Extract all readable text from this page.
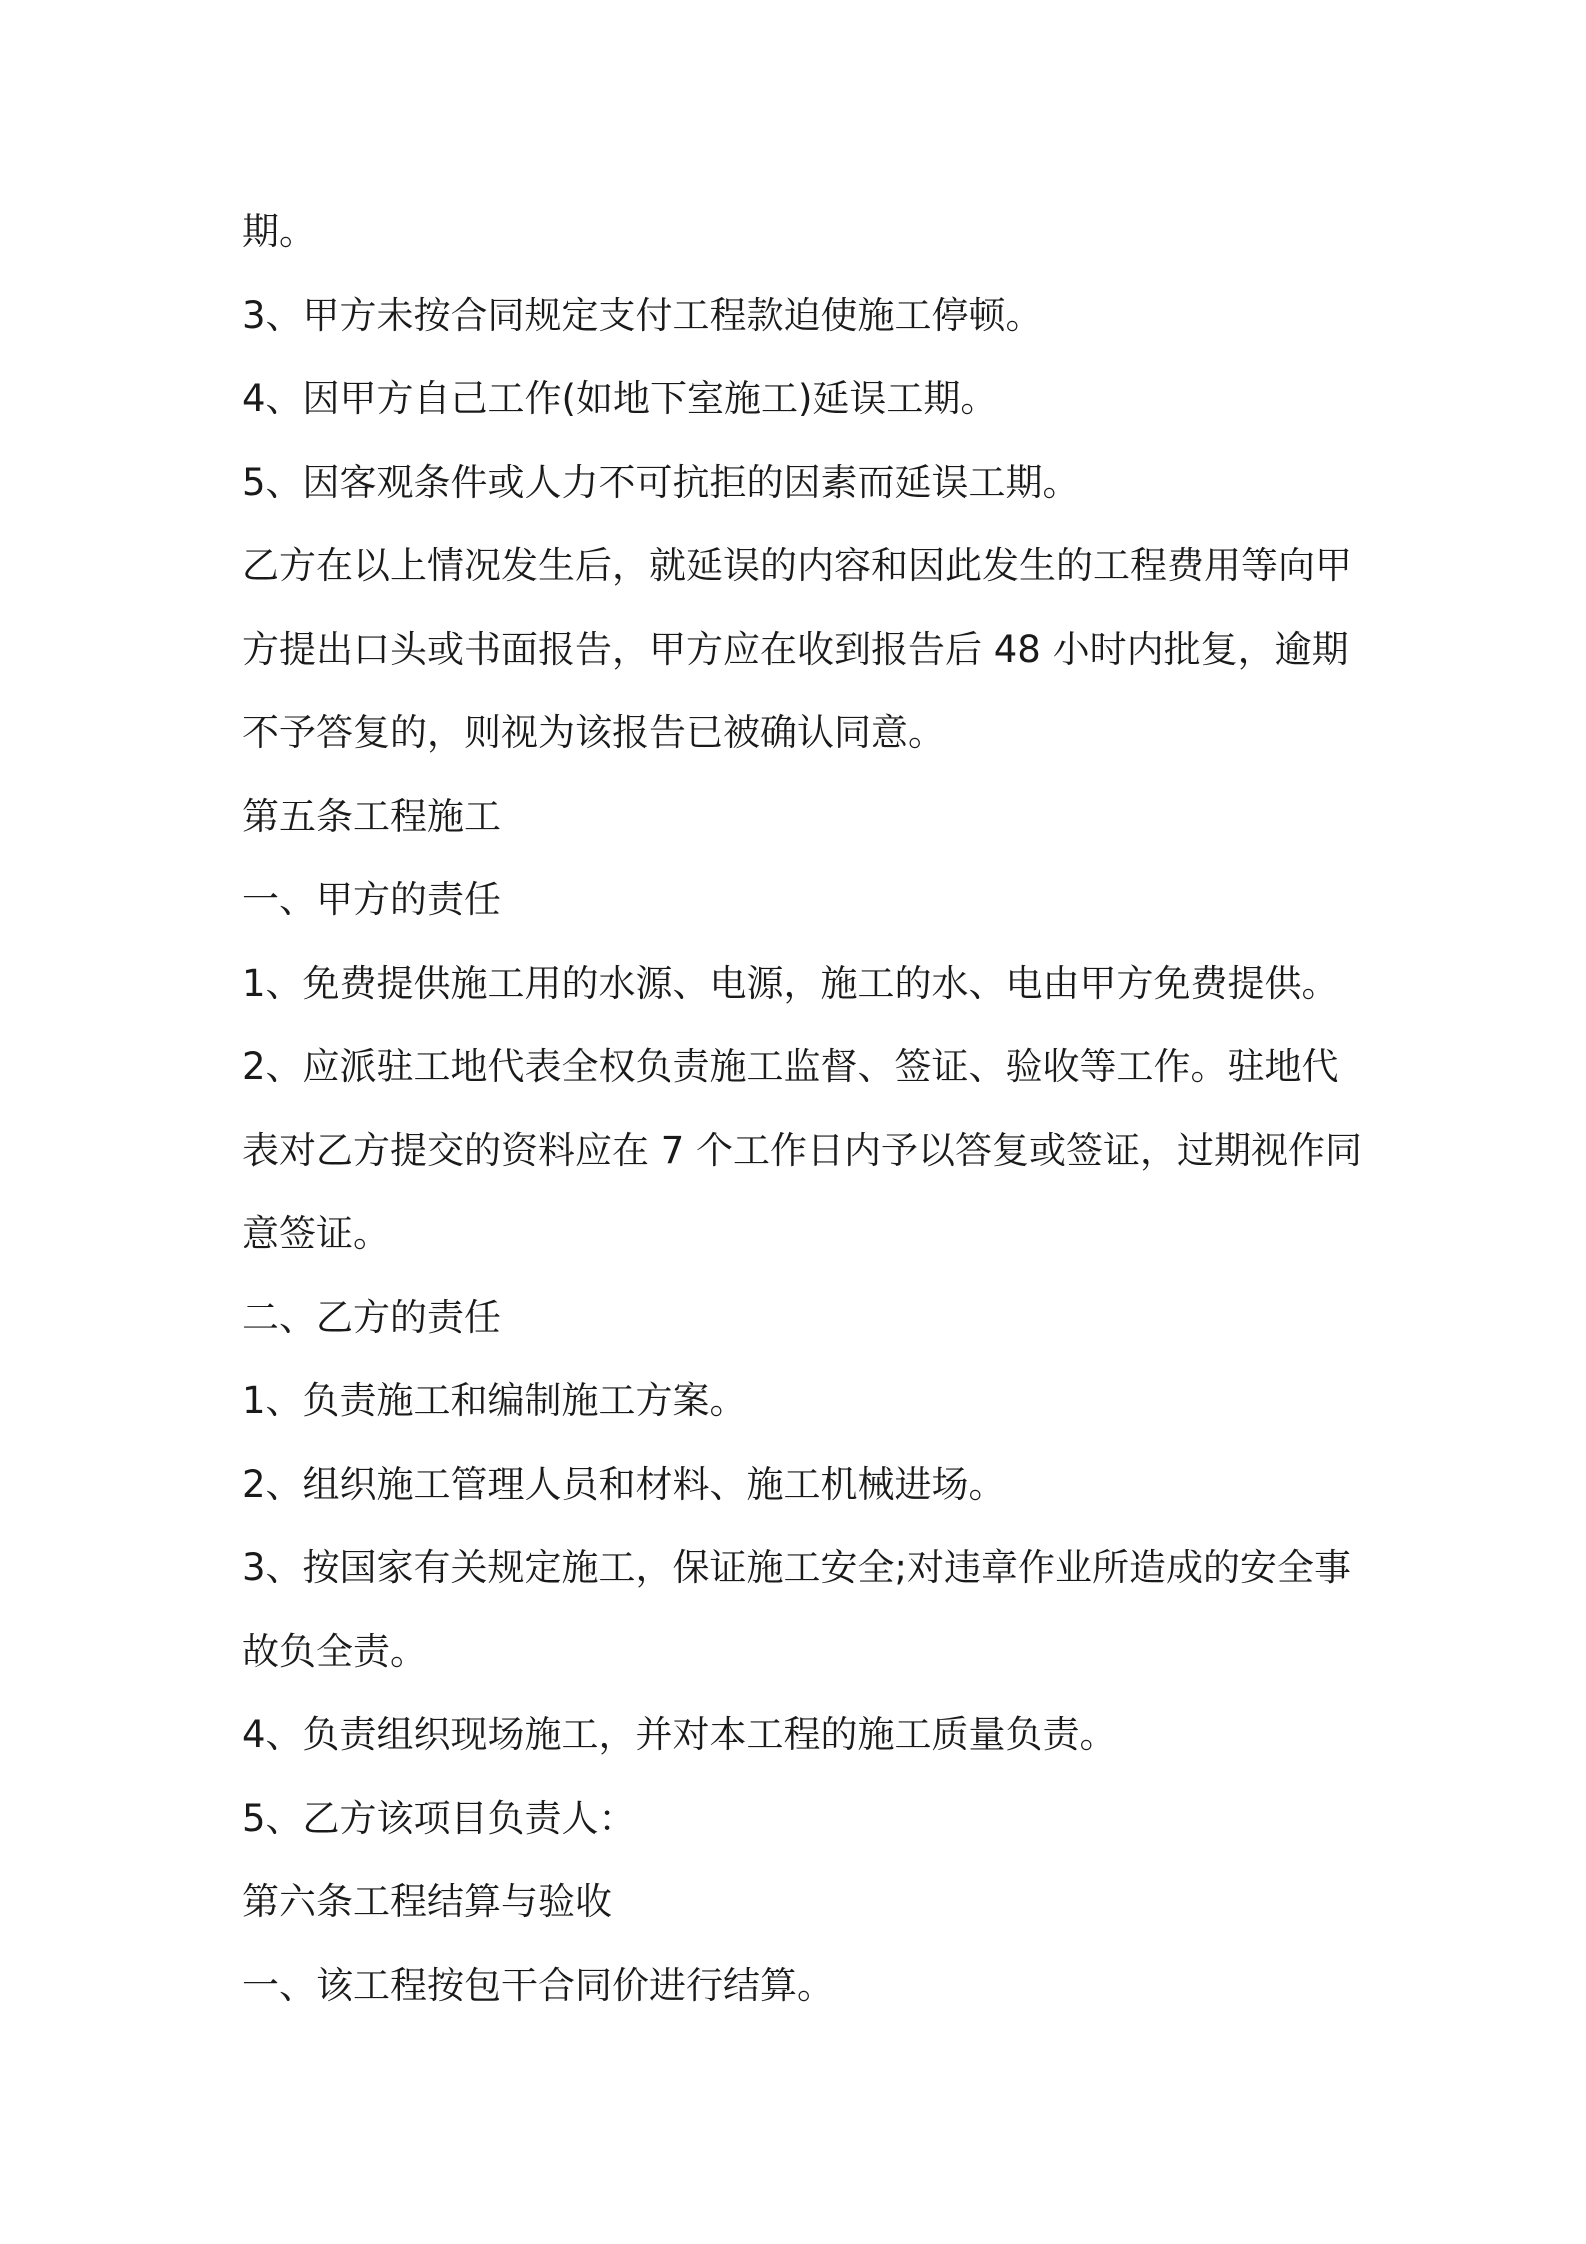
期。
3、甲方未按合同规定支付工程款迫使施工停顿。
4、因甲方自己工作(如地下室施工)延误工期。
5、因客观条件或人力不可抗拒的因素而延误工期。
乙方在以上情况发生后，就延误的内容和因此发生的工程费用等向甲
方提出口头或书面报告，甲方应在收到报告后 48 小时内批复，逾期
不予答复的，则视为该报告已被确认同意。
第五条工程施工
一、甲方的责任
1、免费提供施工用的水源、电源，施工的水、电由甲方免费提供。
2、应派驻工地代表全权负责施工监督、签证、验收等工作。驻地代
表对乙方提交的资料应在 7 个工作日内予以答复或签证，过期视作同
意签证。
二、乙方的责任
1、负责施工和编制施工方案。
2、组织施工管理人员和材料、施工机械进场。
3、按国家有关规定施工，保证施工安全;对违章作业所造成的安全事
故负全责。
4、负责组织现场施工，并对本工程的施工质量负责。
5、乙方该项目负责人：
第六条工程结算与验收
一、该工程按包干合同价进行结算。
